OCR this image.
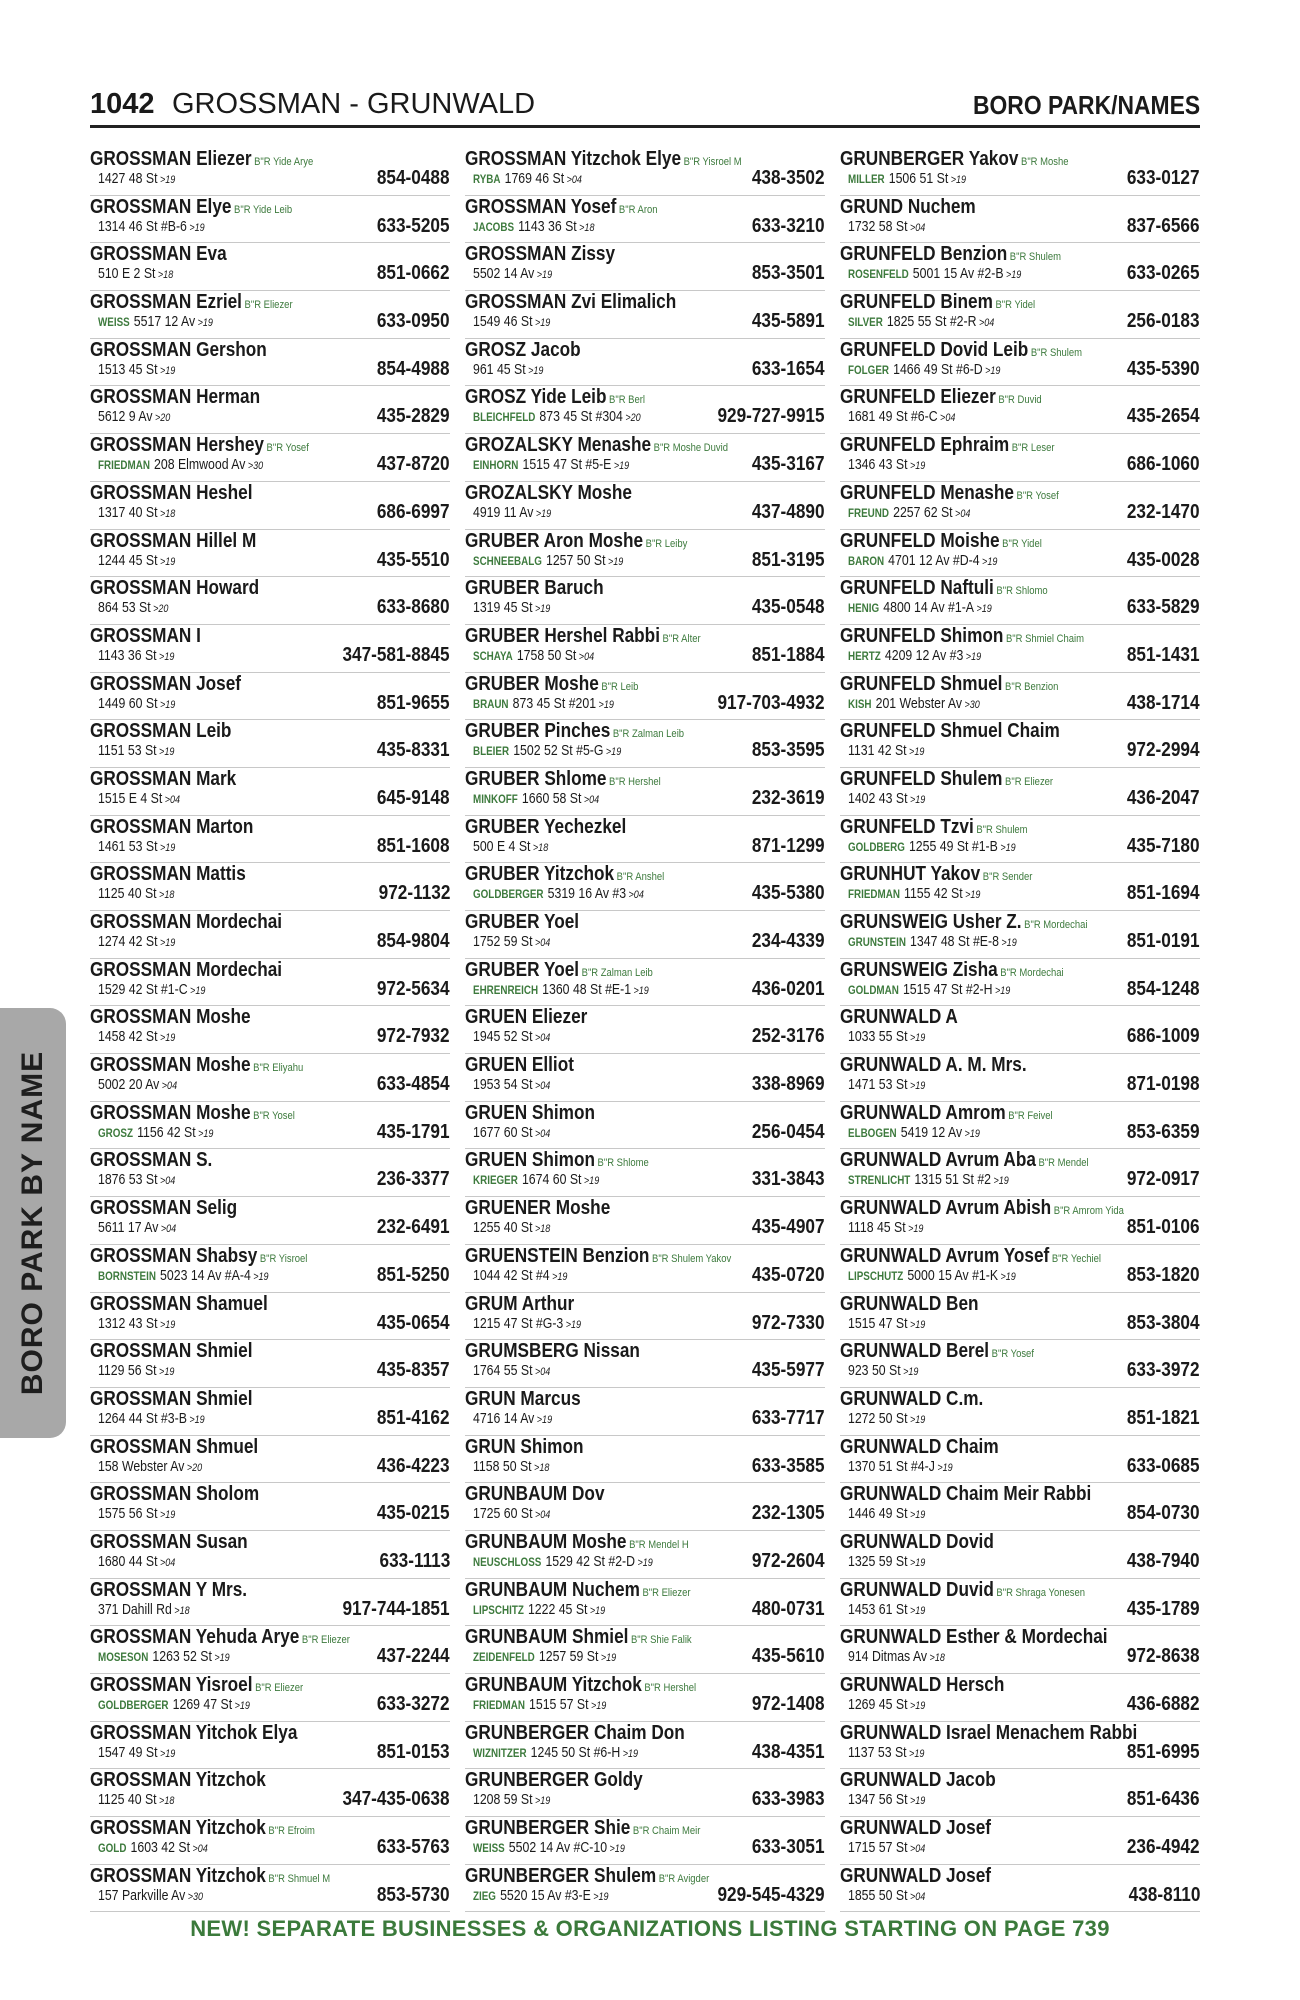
1042 GROSSMAN - GRUNWALD	BORO PARK/NAMES
GROSSMAN Eliezer B"R Yide Arye
1427 48 St >19	854-0488
GROSSMAN Elye B"R Yide Leib
1314 46 St #B-6 >19	633-5205
GROSSMAN Eva
510 E 2 St >18	851-0662
GROSSMAN Ezriel B"R Eliezer
WEISS 5517 12 Av >19	633-0950
GROSSMAN Gershon
1513 45 St >19	854-4988
GROSSMAN Herman
5612 9 Av >20	435-2829
GROSSMAN Hershey B"R Yosef
FRIEDMAN 208 Elmwood Av >30	437-8720
GROSSMAN Heshel
1317 40 St >18	686-6997
GROSSMAN Hillel M
1244 45 St >19	435-5510
GROSSMAN Howard
864 53 St >20	633-8680
GROSSMAN I
1143 36 St >19	347-581-8845
GROSSMAN Josef
1449 60 St >19	851-9655
GROSSMAN Leib
1151 53 St >19	435-8331
GROSSMAN Mark
1515 E 4 St >04	645-9148
GROSSMAN Marton
1461 53 St >19	851-1608
GROSSMAN Mattis
1125 40 St >18	972-1132
GROSSMAN Mordechai
1274 42 St >19	854-9804
GROSSMAN Mordechai
1529 42 St #1-C >19	972-5634
GROSSMAN Moshe
1458 42 St >19	972-7932
GROSSMAN Moshe B"R Eliyahu
5002 20 Av >04	633-4854
GROSSMAN Moshe B"R Yosel
GROSZ 1156 42 St >19	435-1791
GROSSMAN S.
1876 53 St >04	236-3377
GROSSMAN Selig
5611 17 Av >04	232-6491
GROSSMAN Shabsy B"R Yisroel
BORNSTEIN 5023 14 Av #A-4 >19	851-5250
GROSSMAN Shamuel
1312 43 St >19	435-0654
GROSSMAN Shmiel
1129 56 St >19	435-8357
GROSSMAN Shmiel
1264 44 St #3-B >19	851-4162
GROSSMAN Shmuel
158 Webster Av >20	436-4223
GROSSMAN Sholom
1575 56 St >19	435-0215
GROSSMAN Susan
1680 44 St >04	633-1113
GROSSMAN Y Mrs.
371 Dahill Rd >18	917-744-1851
GROSSMAN Yehuda Arye B"R Eliezer
MOSESON 1263 52 St >19	437-2244
GROSSMAN Yisroel B"R Eliezer
GOLDBERGER 1269 47 St >19	633-3272
GROSSMAN Yitchok Elya
1547 49 St >19	851-0153
GROSSMAN Yitzchok
1125 40 St >18	347-435-0638
GROSSMAN Yitzchok B"R Efroim
GOLD 1603 42 St >04	633-5763
GROSSMAN Yitzchok B"R Shmuel M
157 Parkville Av >30	853-5730
GROSSMAN Yitzchok Elye B"R Yisroel M
RYBA 1769 46 St >04	438-3502
GROSSMAN Yosef B"R Aron
JACOBS 1143 36 St >18	633-3210
GROSSMAN Zissy
5502 14 Av >19	853-3501
GROSSMAN Zvi Elimalich
1549 46 St >19	435-5891
GROSZ Jacob
961 45 St >19	633-1654
GROSZ Yide Leib B"R Berl
BLEICHFELD 873 45 St #304 >20	929-727-9915
GROZALSKY Menashe B"R Moshe Duvid
EINHORN 1515 47 St #5-E >19	435-3167
GROZALSKY Moshe
4919 11 Av >19	437-4890
GRUBER Aron Moshe B"R Leiby
SCHNEEBALG 1257 50 St >19	851-3195
GRUBER Baruch
1319 45 St >19	435-0548
GRUBER Hershel Rabbi B"R Alter
SCHAYA 1758 50 St >04	851-1884
GRUBER Moshe B"R Leib
BRAUN 873 45 St #201 >19	917-703-4932
GRUBER Pinches B"R Zalman Leib
BLEIER 1502 52 St #5-G >19	853-3595
GRUBER Shlome B"R Hershel
MINKOFF 1660 58 St >04	232-3619
GRUBER Yechezkel
500 E 4 St >18	871-1299
GRUBER Yitzchok B"R Anshel
GOLDBERGER 5319 16 Av #3 >04	435-5380
GRUBER Yoel
1752 59 St >04	234-4339
GRUBER Yoel B"R Zalman Leib
EHRENREICH 1360 48 St #E-1 >19	436-0201
GRUEN Eliezer
1945 52 St >04	252-3176
GRUEN Elliot
1953 54 St >04	338-8969
GRUEN Shimon
1677 60 St >04	256-0454
GRUEN Shimon B"R Shlome
KRIEGER 1674 60 St >19	331-3843
GRUENER Moshe
1255 40 St >18	435-4907
GRUENSTEIN Benzion B"R Shulem Yakov
1044 42 St #4 >19	435-0720
GRUM Arthur
1215 47 St #G-3 >19	972-7330
GRUMSBERG Nissan
1764 55 St >04	435-5977
GRUN Marcus
4716 14 Av >19	633-7717
GRUN Shimon
1158 50 St >18	633-3585
GRUNBAUM Dov
1725 60 St >04	232-1305
GRUNBAUM Moshe B"R Mendel H
NEUSCHLOSS 1529 42 St #2-D >19	972-2604
GRUNBAUM Nuchem B"R Eliezer
LIPSCHITZ 1222 45 St >19	480-0731
GRUNBAUM Shmiel B"R Shie Falik
ZEIDENFELD 1257 59 St >19	435-5610
GRUNBAUM Yitzchok B"R Hershel
FRIEDMAN 1515 57 St >19	972-1408
GRUNBERGER Chaim Don
WIZNITZER 1245 50 St #6-H >19	438-4351
GRUNBERGER Goldy
1208 59 St >19	633-3983
GRUNBERGER Shie B"R Chaim Meir
WEISS 5502 14 Av #C-10 >19	633-3051
GRUNBERGER Shulem B"R Avigder
ZIEG 5520 15 Av #3-E >19	929-545-4329
GRUNBERGER Yakov B"R Moshe
MILLER 1506 51 St >19	633-0127
GRUND Nuchem
1732 58 St >04	837-6566
GRUNFELD Benzion B"R Shulem
ROSENFELD 5001 15 Av #2-B >19	633-0265
GRUNFELD Binem B"R Yidel
SILVER 1825 55 St #2-R >04	256-0183
GRUNFELD Dovid Leib B"R Shulem
FOLGER 1466 49 St #6-D >19	435-5390
GRUNFELD Eliezer B"R Duvid
1681 49 St #6-C >04	435-2654
GRUNFELD Ephraim B"R Leser
1346 43 St >19	686-1060
GRUNFELD Menashe B"R Yosef
FREUND 2257 62 St >04	232-1470
GRUNFELD Moishe B"R Yidel
BARON 4701 12 Av #D-4 >19	435-0028
GRUNFELD Naftuli B"R Shlomo
HENIG 4800 14 Av #1-A >19	633-5829
GRUNFELD Shimon B"R Shmiel Chaim
HERTZ 4209 12 Av #3 >19	851-1431
GRUNFELD Shmuel B"R Benzion
KISH 201 Webster Av >30	438-1714
GRUNFELD Shmuel Chaim
1131 42 St >19	972-2994
GRUNFELD Shulem B"R Eliezer
1402 43 St >19	436-2047
GRUNFELD Tzvi B"R Shulem
GOLDBERG 1255 49 St #1-B >19	435-7180
GRUNHUT Yakov B"R Sender
FRIEDMAN 1155 42 St >19	851-1694
GRUNSWEIG Usher Z. B"R Mordechai
GRUNSTEIN 1347 48 St #E-8 >19	851-0191
GRUNSWEIG Zisha B"R Mordechai
GOLDMAN 1515 47 St #2-H >19	854-1248
GRUNWALD A
1033 55 St >19	686-1009
GRUNWALD A. M. Mrs.
1471 53 St >19	871-0198
GRUNWALD Amrom B"R Feivel
ELBOGEN 5419 12 Av >19	853-6359
GRUNWALD Avrum Aba B"R Mendel
STRENLICHT 1315 51 St #2 >19	972-0917
GRUNWALD Avrum Abish B"R Amrom Yida
1118 45 St >19	851-0106
GRUNWALD Avrum Yosef B"R Yechiel
LIPSCHUTZ 5000 15 Av #1-K >19	853-1820
GRUNWALD Ben
1515 47 St >19	853-3804
GRUNWALD Berel B"R Yosef
923 50 St >19	633-3972
GRUNWALD C.m.
1272 50 St >19	851-1821
GRUNWALD Chaim
1370 51 St #4-J >19	633-0685
GRUNWALD Chaim Meir Rabbi
1446 49 St >19	854-0730
GRUNWALD Dovid
1325 59 St >19	438-7940
GRUNWALD Duvid B"R Shraga Yonesen
1453 61 St >19	435-1789
GRUNWALD Esther & Mordechai
914 Ditmas Av >18	972-8638
GRUNWALD Hersch
1269 45 St >19	436-6882
GRUNWALD Israel Menachem Rabbi
1137 53 St >19	851-6995
GRUNWALD Jacob
1347 56 St >19	851-6436
GRUNWALD Josef
1715 57 St >04	236-4942
GRUNWALD Josef
1855 50 St >04	438-8110
BORO PARK BY NAME
NEW! SEPARATE BUSINESSES & ORGANIZATIONS LISTING STARTING ON PAGE 739
